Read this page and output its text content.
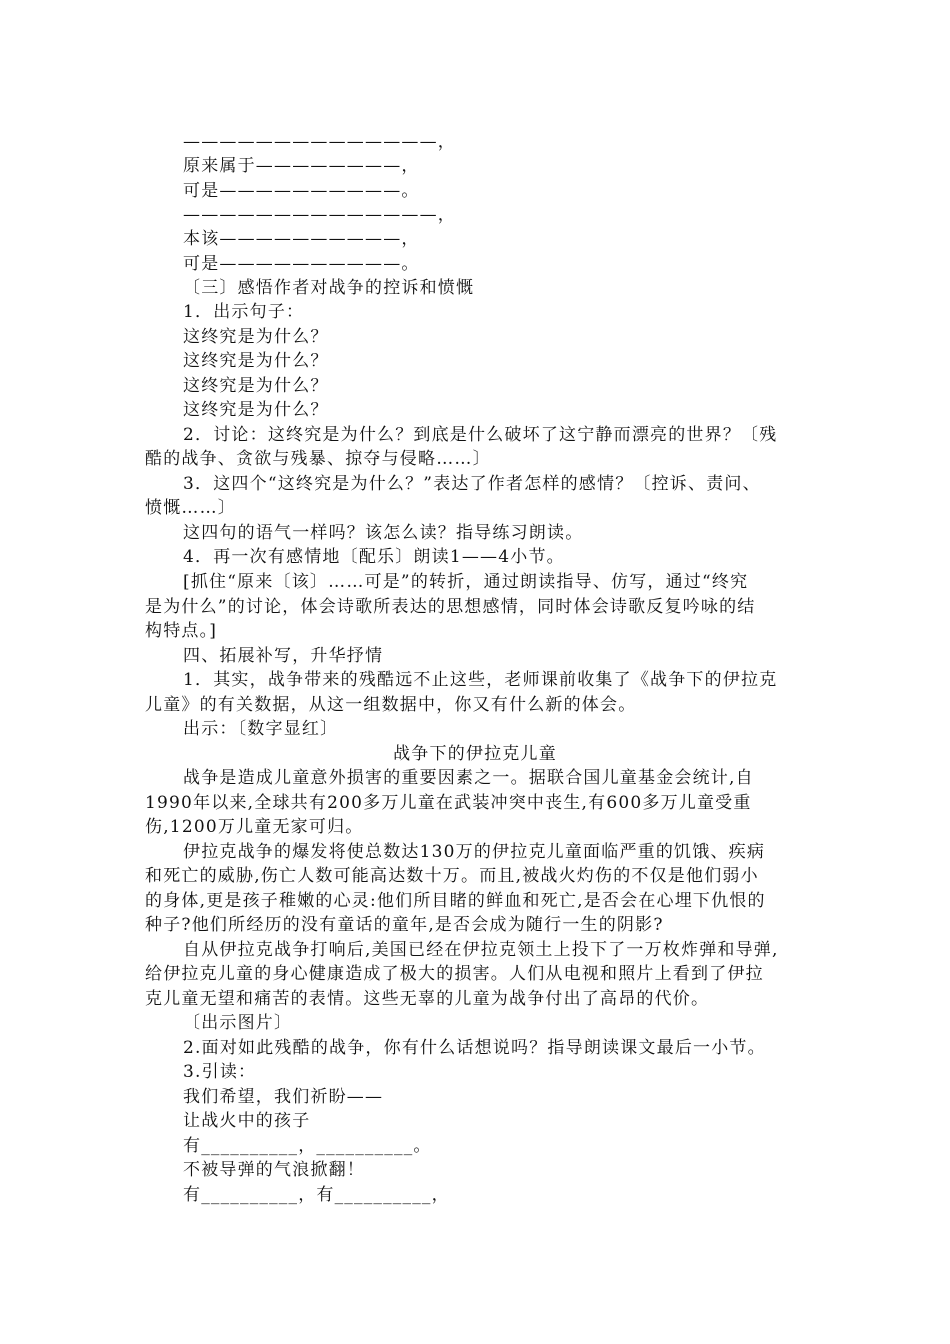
——————————————，
原来属于————————，
可是——————————。
——————————————，
本该——————————，
可是——————————。
〔三〕感悟作者对战争的控诉和愤慨
1．出示句子：
这终究是为什么？
这终究是为什么？
这终究是为什么？
这终究是为什么？
2．讨论：这终究是为什么？到底是什么破坏了这宁静而漂亮的世界？〔残
酷的战争、贪欲与残暴、掠夺与侵略……〕
3．这四个“这终究是为什么？”表达了作者怎样的感情？〔控诉、责问、
愤慨……〕
这四句的语气一样吗？该怎么读？指导练习朗读。
4．再一次有感情地〔配乐〕朗读1——4小节。
[抓住“原来〔该〕……可是”的转折，通过朗读指导、仿写，通过“终究
是为什么”的讨论，体会诗歌所表达的思想感情，同时体会诗歌反复吟咏的结
构特点。]
四、拓展补写，升华抒情
1．其实，战争带来的残酷远不止这些，老师课前收集了《战争下的伊拉克
儿童》的有关数据，从这一组数据中，你又有什么新的体会。
出示：〔数字显红〕
战争下的伊拉克儿童
战争是造成儿童意外损害的重要因素之一。据联合国儿童基金会统计,自
1990年以来,全球共有200多万儿童在武装冲突中丧生,有600多万儿童受重
伤,1200万儿童无家可归。
伊拉克战争的爆发将使总数达130万的伊拉克儿童面临严重的饥饿、疾病
和死亡的威胁,伤亡人数可能高达数十万。而且,被战火灼伤的不仅是他们弱小
的身体,更是孩子稚嫩的心灵:他们所目睹的鲜血和死亡,是否会在心埋下仇恨的
种子?他们所经历的没有童话的童年,是否会成为随行一生的阴影?
自从伊拉克战争打响后,美国已经在伊拉克领土上投下了一万枚炸弹和导弹,
给伊拉克儿童的身心健康造成了极大的损害。人们从电视和照片上看到了伊拉
克儿童无望和痛苦的表情。这些无辜的儿童为战争付出了高昂的代价。
〔出示图片〕
2.面对如此残酷的战争，你有什么话想说吗？指导朗读课文最后一小节。
3.引读：
我们希望，我们祈盼——
让战火中的孩子
有__________，__________。
不被导弹的气浪掀翻！
有__________，有__________，
